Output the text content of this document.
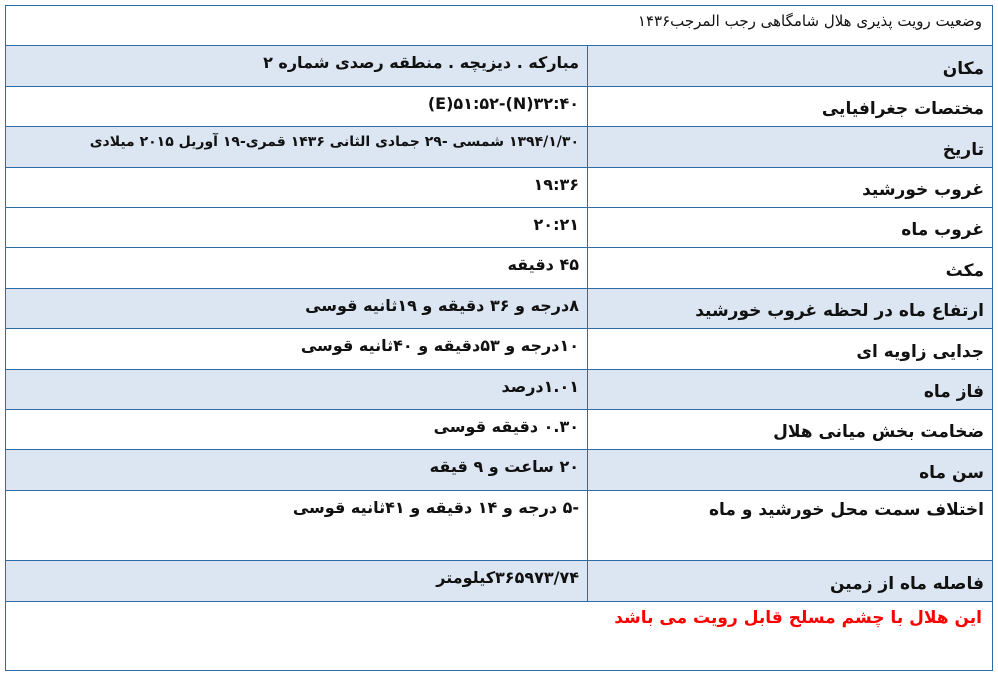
وضعیت رویت پذیری هلال شامگاهی رجب المرجب۱۴۳۶
مکان
مبارکه . دیزیچه . منطقه رصدی شماره ۲
مختصات جغرافیایی
(E)۵۱:۵۲-(N)۳۲:۴۰
تاریخ
۱۳۹۴/۱/۳۰ شمسی -۲۹ جمادی الثانی ۱۴۳۶ قمری-۱۹ آوریل ۲۰۱۵ میلادی
غروب خورشید
۱۹:۳۶
غروب ماه
۲۰:۲۱
مکث
۴۵ دقیقه
ارتفاع ماه در لحظه غروب خورشید
۸درجه و ۳۶ دقیقه و ۱۹ثانیه قوسی
جدایی زاویه ای
۱۰درجه و ۵۳دقیقه و ۴۰ثانیه قوسی
فاز ماه
۱.۰۱درصد
ضخامت بخش میانی هلال
۰.۳۰ دقیقه قوسی
سن ماه
۲۰ ساعت و ۹ قیقه
اختلاف سمت محل خورشید و ماه
-۵ درجه و ۱۴ دقیقه و ۴۱ثانیه قوسی
فاصله ماه از زمین
۳۶۵۹۷۳/۷۴کیلومتر
این هلال با چشم مسلح قابل رویت می باشد
